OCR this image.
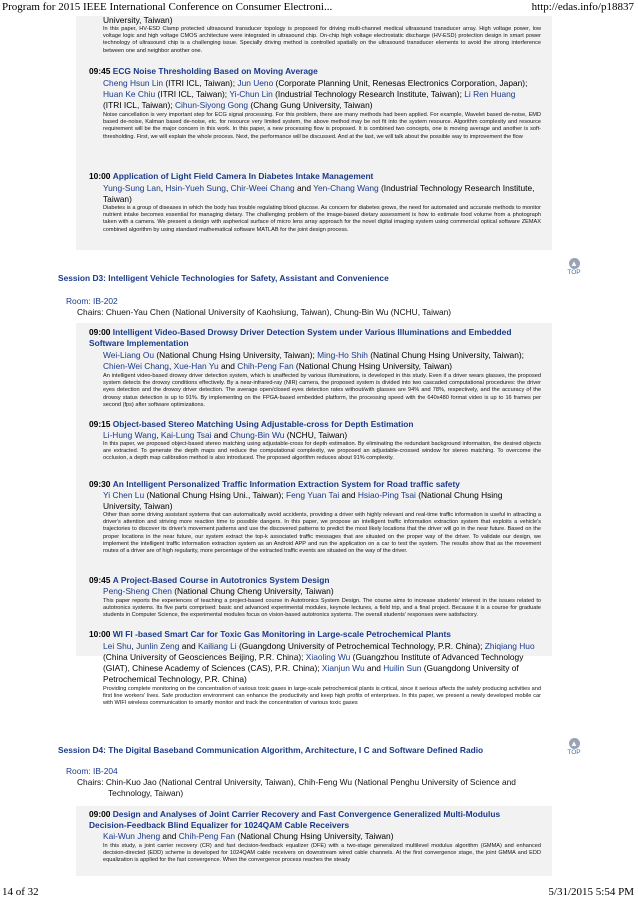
Program for 2015 IEEE International Conference on Consumer Electroni...	http://edas.info/p18837
University, Taiwan)
In this paper, HV-ESD Clamp protected ultrasound transducer topology is proposed for driving multi-channel medical ultrasound transducer array. High voltage power, low voltage logic and high voltage CMOS architecture were integrated in ultrasound chip. On-chip high voltage electrostatic discharge (HV-ESD) protection design in smart power technology of ultrasound chip is a challenging issue. Specially driving method is controlled spatially on the ultrasound transducer elements to avoid the strong interference between one and neighbor another one.
09:45 ECG Noise Thresholding Based on Moving Average
Cheng Hsun Lin (ITRI ICL, Taiwan); Jun Ueno (Corporate Planning Unit, Renesas Electronics Corporation, Japan);
Huan Ke Chiu (ITRI ICL, Taiwan); Yi-Chun Lin (Industrial Technology Research Institute, Taiwan); Li Ren Huang
(ITRI ICL, Taiwan); Cihun-Siyong Gong (Chang Gung University, Taiwan)
Noise cancellation is very important step for ECG signal processing. For this problem, there are many methods had been applied. For example, Wavelet based de-noise, EMD based de-noise, Kalman based de-noise, etc. for resource very limited system, the above method may be not fit into the system resource. Algorithm complexity and resource requirement will be the major concern in this work. In this paper, a new processing flow is proposed. It is combined two concepts, one is moving average and another is soft-thresholding. First, we will explain the whole process. Next, the performance will be discussed. And at the last, we will talk about the possible way to improvement the flow
10:00 Application of Light Field Camera In Diabetes Intake Management
Yung-Sung Lan, Hsin-Yueh Sung, Chir-Weei Chang and Yen-Chang Wang (Industrial Technology Research Institute,
Taiwan)
Diabetes is a group of diseases in which the body has trouble regulating blood glucose. As concern for diabetes grows, the need for automated and accurate methods to monitor nutrient intake becomes essential for managing dietary. The challenging problem of the image-based dietary assessment is how to estimate food volume from a photograph taken with a camera. We present a design with aspherical surface of micro lens array approach for the novel digital imaging system using commercial optical software ZEMAX combined algorithm by using standard mathematical software MATLAB for the joint design process.
▲
TOP
Session D3: Intelligent Vehicle Technologies for Safety, Assistant and Convenience
Room: IB-202
Chairs: Chuen-Yau Chen (National University of Kaohsiung, Taiwan), Chung-Bin Wu (NCHU, Taiwan)
09:00 Intelligent Video-Based Drowsy Driver Detection System under Various Illuminations and Embedded
Software Implementation
Wei-Liang Ou (National Chung Hsing University, Taiwan); Ming-Ho Shih (Natinal Chung Hsing University, Taiwan);
Chien-Wei Chang, Xue-Han Yu and Chih-Peng Fan (National Chung Hsing University, Taiwan)
An intelligent video-based drowsy driver detection system, which is unaffected by various illuminations, is developed in this study. Even if a driver wears glasses, the proposed system detects the drowsy conditions effectively. By a near-infrared-ray (NIR) camera, the proposed system is divided into two cascaded computational procedures: the driver eyes detection and the drowsy driver detection. The average open/closed eyes detection rates without/with glasses are 94% and 78%, respectively, and the accuracy of the drowsy status detection is up to 91%. By implementing on the FPGA-based embedded platform, the processing speed with the 640x480 format video is up to 16 frames per second (fps) after software optimizations.
09:15 Object-based Stereo Matching Using Adjustable-cross for Depth Estimation
Li-Hung Wang, Kai-Lung Tsai and Chung-Bin Wu (NCHU, Taiwan)
In this paper, we proposed object-based stereo matching using adjustable-cross for depth estimation. By eliminating the redundant background information, the desired objects are extracted. To generate the depth maps and reduce the computational complexity, we proposed an adjustable-crossed window for stereo matching. To overcome the occlusion, a depth map calibration method is also introduced. The proposed algorithm reduces about 91% complexity.
09:30 An Intelligent Personalized Traffic Information Extraction System for Road traffic safety
Yi Chen Lu (National Chung Hsing Uni., Taiwan); Feng Yuan Tai and Hsiao-Ping Tsai (National Chung Hsing
University, Taiwan)
Other than some driving assistant systems that can automatically avoid accidents, providing a driver with highly relevant and real-time traffic information is useful in attracting a driver's attention and striving more reaction time to possible dangers. In this paper, we propose an intelligent traffic information extraction system that exploits a vehicle's trajectories to discover its driver's movement patterns and use the discovered patterns to predict the most likely locations that the driver will go in the near future. Based on the proper locations in the near future, our system extract the top-k associated traffic messages that are situated on the proper way of the driver. To validate our design, we implement the intelligent traffic information extraction system as an Android APP and run the application on a car to test the system. The results show that as the movement routes of a driver are of high regularity, more percentage of the extracted traffic events are situated on the way of the driver.
09:45 A Project-Based Course in Autotronics System Design
Peng-Sheng Chen (National Chung Cheng University, Taiwan)
This paper reports the experiences of teaching a project-based course in Autotronics System Design. The course aims to increase students' interest in the issues related to autotronics systems. Its five parts comprised: basic and advanced experimental modules, keynote lectures, a field trip, and a final project. Because it is a course for graduate students in Computer Science, the experimental modules focus on vision-based autotronics systems. The overall students' responses were satisfactory.
10:00 WI FI -based Smart Car for Toxic Gas Monitoring in Large-scale Petrochemical Plants
Lei Shu, Junlin Zeng and Kailiang Li (Guangdong University of Petrochemical Technology, P.R. China); Zhiqiang Huo
(China University of Geosciences Beijing, P.R. China); Xiaoling Wu (Guangzhou Institute of Advanced Technology
(GIAT), Chinese Academy of Sciences (CAS), P.R. China); Xianjun Wu and Huilin Sun (Guangdong University of
Petrochemical Technology, P.R. China)
Providing complete monitoring on the concentration of various toxic gases in large-scale petrochemical plants is critical, since it serious affects the safely producing activities and first line workers' lives. Safe production environment can enhance the productivity and keep high profits of enterprises. In this paper, we present a newly developed mobile car with WIFI wireless communication to smartly monitor and track the concentration of various toxic gases
▲
TOP
Session D4: The Digital Baseband Communication Algorithm, Architecture, I C and Software Defined Radio
Room: IB-204
Chairs: Chin-Kuo Jao (National Central University, Taiwan), Chih-Feng Wu (National Penghu University of Science and
Technology, Taiwan)
09:00 Design and Analyses of Joint Carrier Recovery and Fast Convergence Generalized Multi-Modulus
Decision-Feedback Blind Equalizer for 1024QAM Cable Receivers
Kai-Wun Jheng and Chih-Peng Fan (National Chung Hsing University, Taiwan)
In this study, a joint carrier recovery (CR) and fast decision-feedback equalizer (DFE) with a two-stage generalized multilevel modulus algorithm (GMMA) and enhanced decision-directed (EDD) scheme is developed for 1024QAM cable receivers on downstream wired cable channels. At the first convergence stage, the joint GMMA and EDD equalization is applied for the fast convergence. When the convergence process reaches the steady
14 of 32	5/31/2015 5:54 PM
